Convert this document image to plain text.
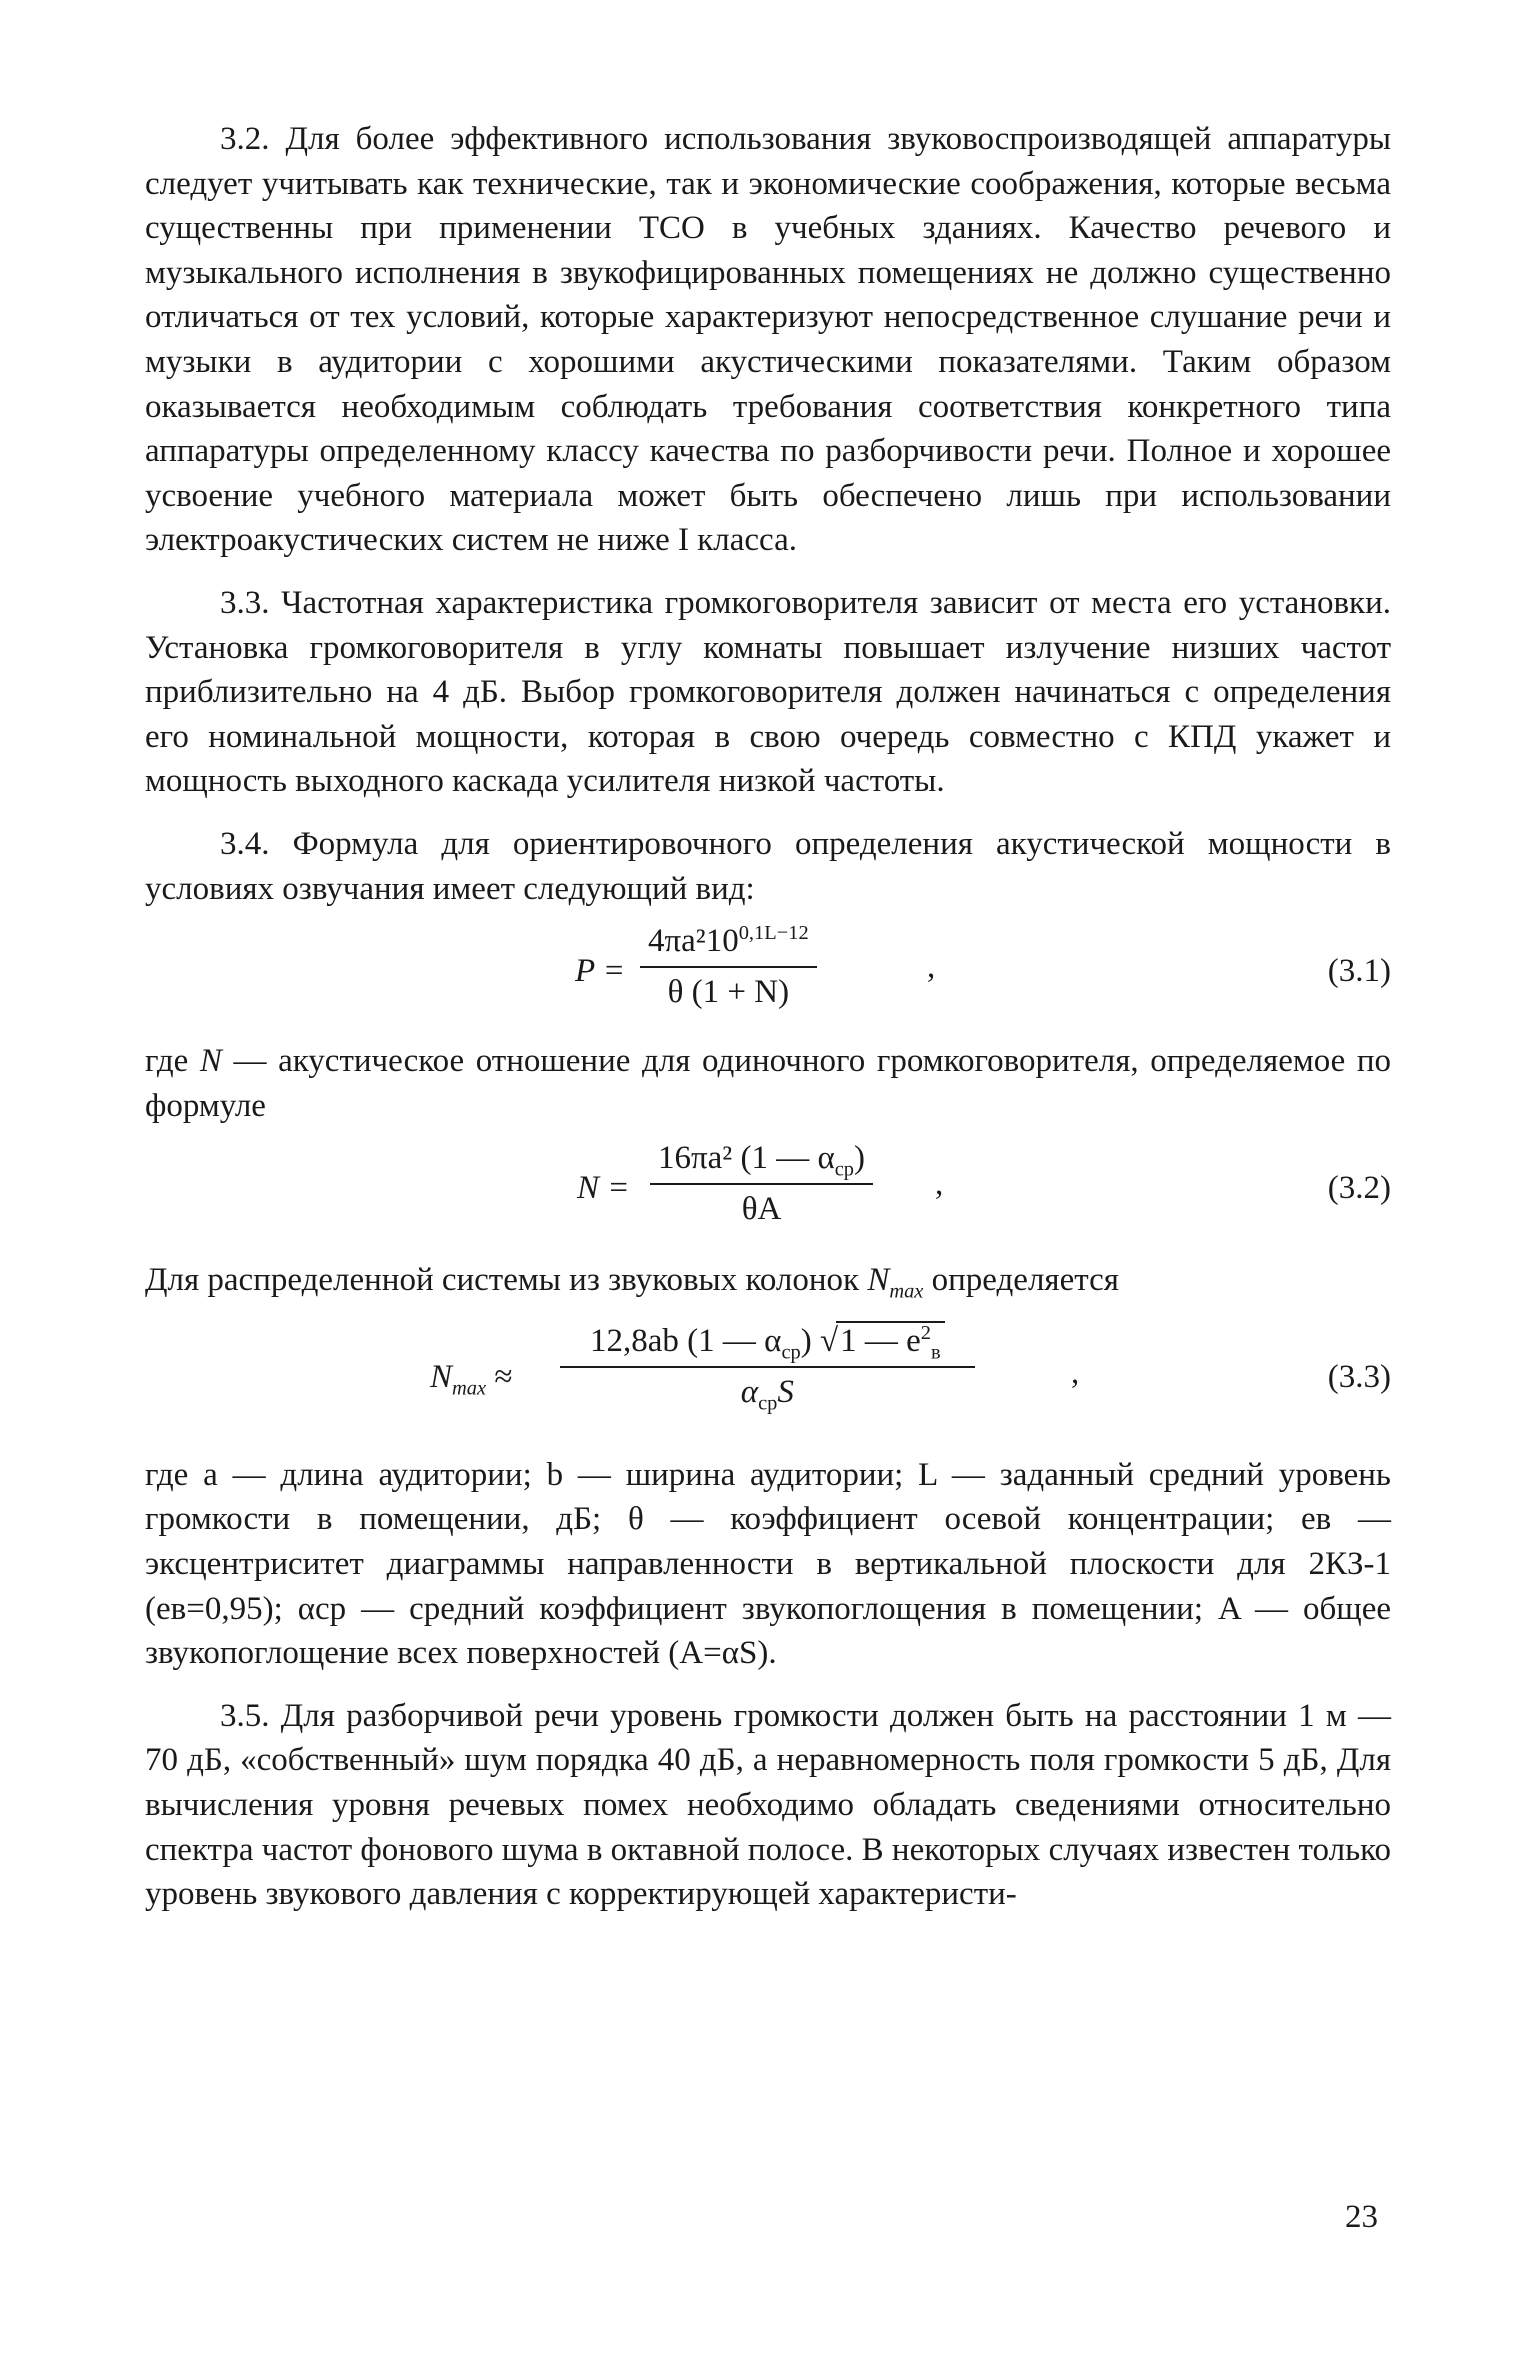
3.2. Для более эффективного использования звуковоспроизводящей аппаратуры следует учитывать как технические, так и экономические соображения, которые весьма существенны при применении ТСО в учебных зданиях. Качество речевого и музыкального исполнения в звукофицированных помещениях не должно существенно отличаться от тех условий, которые характеризуют непосредственное слушание речи и музыки в аудитории с хорошими акустическими показателями. Таким образом оказывается необходимым соблюдать требования соответствия конкретного типа аппаратуры определенному классу качества по разборчивости речи. Полное и хорошее усвоение учебного материала может быть обеспечено лишь при использовании электроакустических систем не ниже I класса.

3.3. Частотная характеристика громкоговорителя зависит от места его установки. Установка громкоговорителя в углу комнаты повышает излучение низших частот приблизительно на 4 дБ. Выбор громкоговорителя должен начинаться с определения его номинальной мощности, которая в свою очередь совместно с КПД укажет и мощность выходного каскада усилителя низкой частоты.

3.4. Формула для ориентировочного определения акустической мощности в условиях озвучания имеет следующий вид:

$P = \frac{4\pi a^210^{0,1L-12}}{\theta (1 + N)}$	,	(3.1)

где N — акустическое отношение для одиночного громкоговорителя, определяемое по формуле

N =
16πa² (1 — $\alpha_{ср}$)
θA
,	(3.2)

Для распределенной системы из звуковых колонок $N_{max}$ определяется

$N_{max}$ ≈
12,8ab (1 — $\alpha_{ср}$) √1 — $e^2_в$
$\alpha_{ср}S$
,	(3.3)

где a — длина аудитории; b — ширина аудитории; L — заданный средний уровень громкости в помещении, дБ; θ — коэффициент осевой концентрации; eв — эксцентриситет диаграммы направленности в вертикальной плоскости для 2КЗ-1 (eв=0,95); αср — средний коэффициент звукопоглощения в помещении; A — общее звукопоглощение всех поверхностей (A=αS).

3.5. Для разборчивой речи уровень громкости должен быть на расстоянии 1 м — 70 дБ, «собственный» шум порядка 40 дБ, а неравномерность поля громкости 5 дБ, Для вычисления уровня речевых помех необходимо обладать сведениями относительно спектра частот фонового шума в октавной полосе. В некоторых случаях известен только уровень звукового давления с корректирующей характеристи-

23
